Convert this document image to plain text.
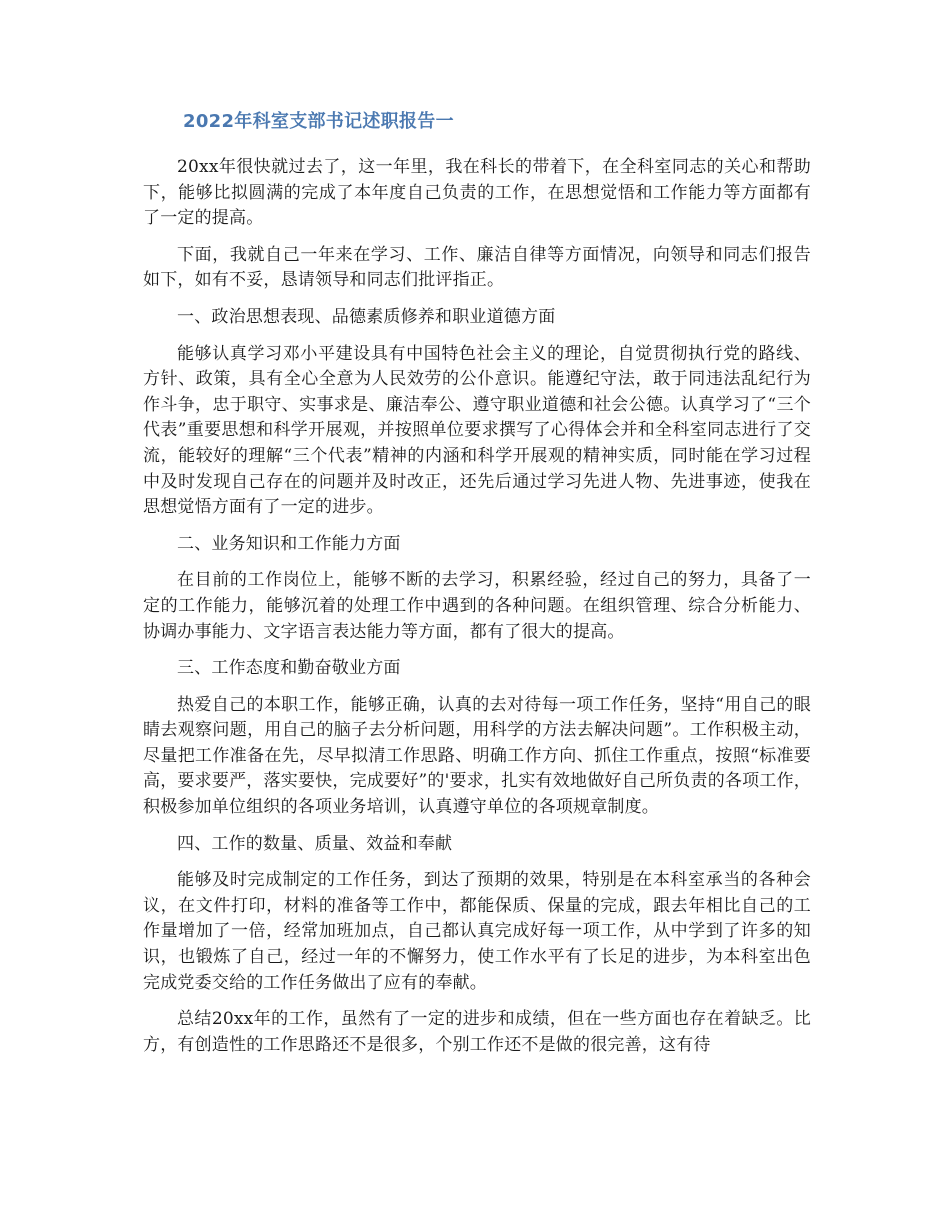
2022年科室支部书记述职报告一

20xx年很快就过去了，这一年里，我在科长的带着下，在全科室同志的关心和帮助下，能够比拟圆满的完成了本年度自己负责的工作，在思想觉悟和工作能力等方面都有了一定的提高。

下面，我就自己一年来在学习、工作、廉洁自律等方面情况，向领导和同志们报告如下，如有不妥，恳请领导和同志们批评指正。

一、政治思想表现、品德素质修养和职业道德方面

能够认真学习邓小平建设具有中国特色社会主义的理论，自觉贯彻执行党的路线、方针、政策，具有全心全意为人民效劳的公仆意识。能遵纪守法，敢于同违法乱纪行为作斗争，忠于职守、实事求是、廉洁奉公、遵守职业道德和社会公德。认真学习了“三个代表”重要思想和科学开展观，并按照单位要求撰写了心得体会并和全科室同志进行了交流，能较好的理解“三个代表”精神的内涵和科学开展观的精神实质，同时能在学习过程中及时发现自己存在的问题并及时改正，还先后通过学习先进人物、先进事迹，使我在思想觉悟方面有了一定的进步。

二、业务知识和工作能力方面

在目前的工作岗位上，能够不断的去学习，积累经验，经过自己的努力，具备了一定的工作能力，能够沉着的处理工作中遇到的各种问题。在组织管理、综合分析能力、协调办事能力、文字语言表达能力等方面，都有了很大的提高。

三、工作态度和勤奋敬业方面

热爱自己的本职工作，能够正确，认真的去对待每一项工作任务，坚持“用自己的眼睛去观察问题，用自己的脑子去分析问题，用科学的方法去解决问题”。工作积极主动，尽量把工作准备在先，尽早拟清工作思路、明确工作方向、抓住工作重点，按照“标准要高，要求要严，落实要快，完成要好”的'要求，扎实有效地做好自己所负责的各项工作，积极参加单位组织的各项业务培训，认真遵守单位的各项规章制度。

四、工作的数量、质量、效益和奉献

能够及时完成制定的工作任务，到达了预期的效果，特别是在本科室承当的各种会议，在文件打印，材料的准备等工作中，都能保质、保量的完成，跟去年相比自己的工作量增加了一倍，经常加班加点，自己都认真完成好每一项工作，从中学到了许多的知识，也锻炼了自己，经过一年的不懈努力，使工作水平有了长足的进步，为本科室出色完成党委交给的工作任务做出了应有的奉献。

总结20xx年的工作，虽然有了一定的进步和成绩，但在一些方面也存在着缺乏。比方，有创造性的工作思路还不是很多，个别工作还不是做的很完善，这有待
